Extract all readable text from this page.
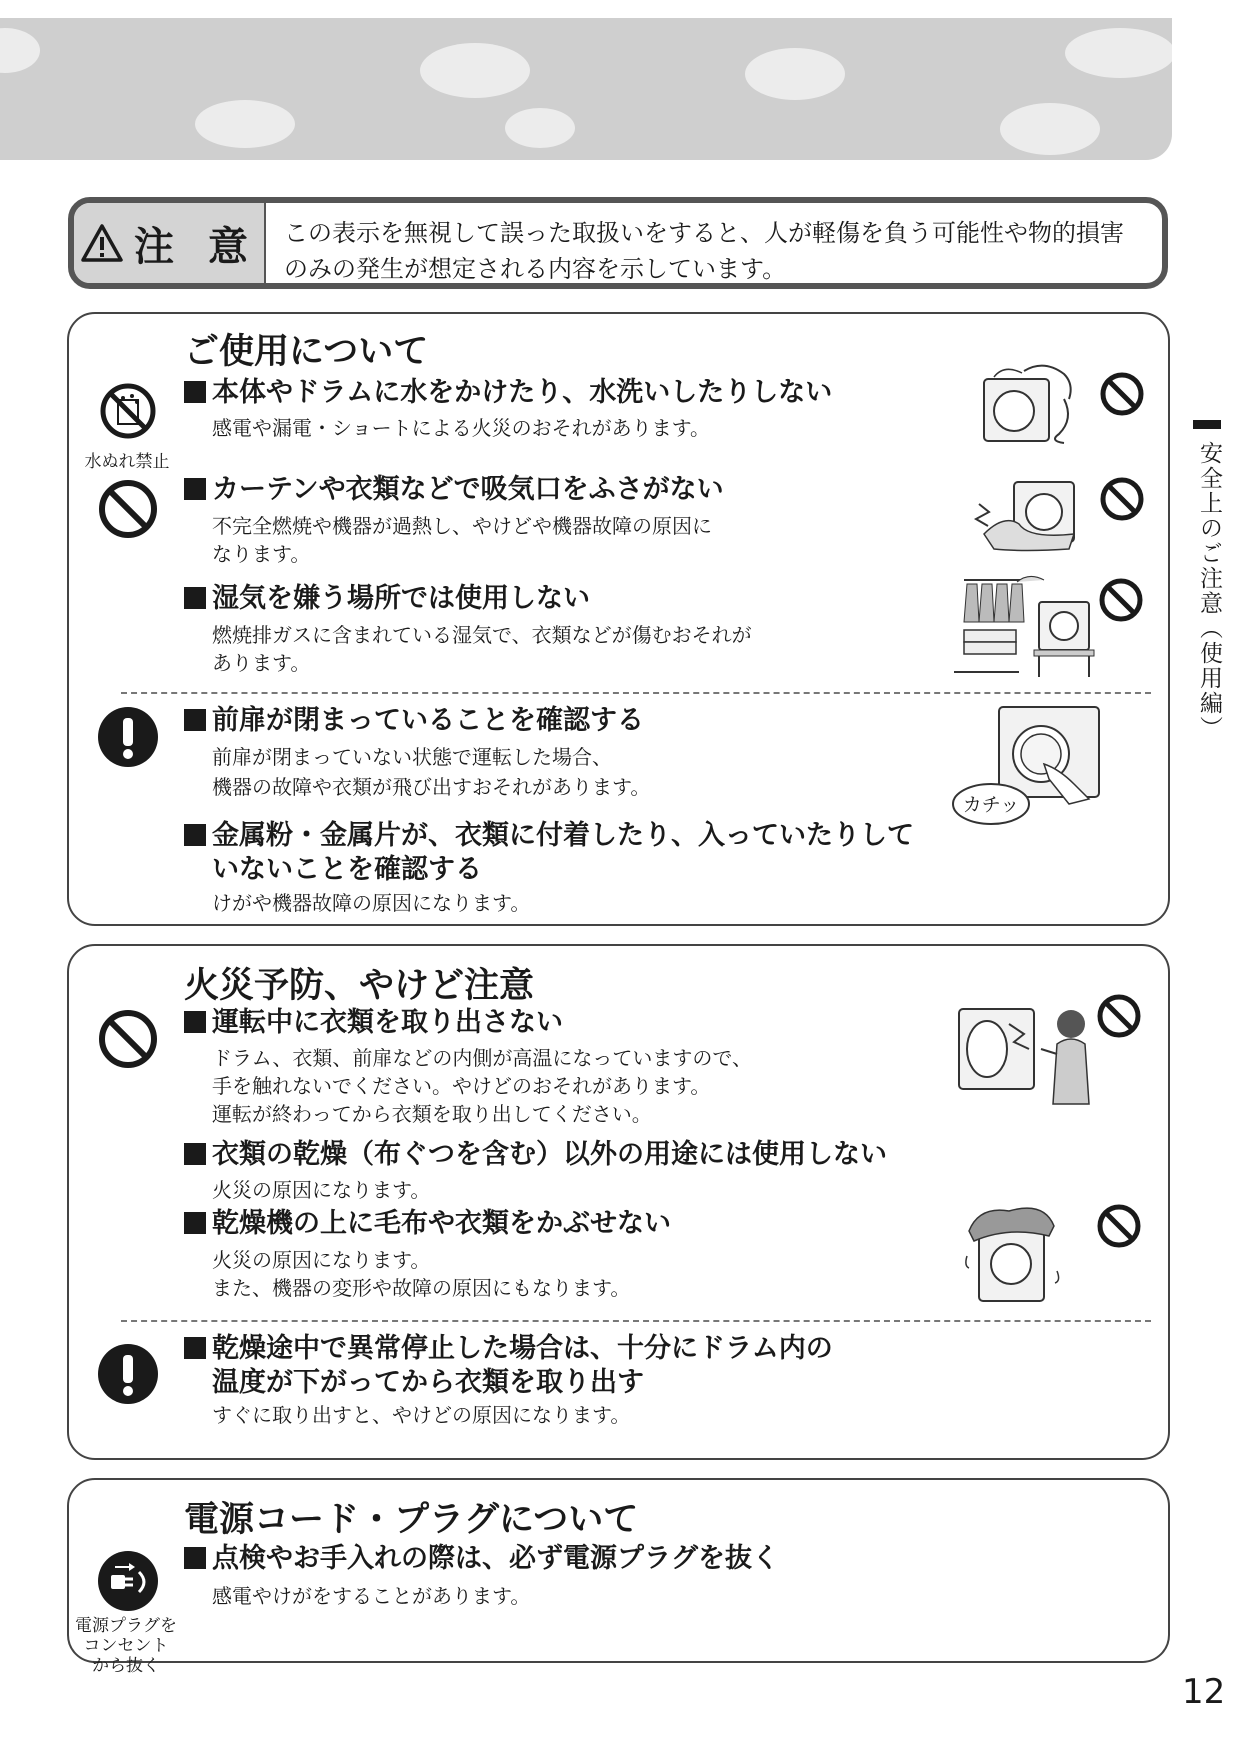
注 意 この表示を無視して誤った取扱いをすると、人が軽傷を負う可能性や物的損害
のみの発生が想定される内容を示しています。
ご使用について
水ぬれ禁止
本体やドラムに水をかけたり、水洗いしたりしない
感電や漏電・ショートによる火災のおそれがあります。
カーテンや衣類などで吸気口をふさがない
不完全燃焼や機器が過熱し、やけどや機器故障の原因に
なります。
湿気を嫌う場所では使用しない
燃焼排ガスに含まれている湿気で、衣類などが傷むおそれが
あります。
前扉が閉まっていることを確認する
前扉が閉まっていない状態で運転した場合、
機器の故障や衣類が飛び出すおそれがあります。
金属粉・金属片が、衣類に付着したり、入っていたりして
いないことを確認する
けがや機器故障の原因になります。
カチッ
火災予防、やけど注意
運転中に衣類を取り出さない
ドラム、衣類、前扉などの内側が高温になっていますので、
手を触れないでください。やけどのおそれがあります。
運転が終わってから衣類を取り出してください。
衣類の乾燥（布ぐつを含む）以外の用途には使用しない
火災の原因になります。
乾燥機の上に毛布や衣類をかぶせない
火災の原因になります。
また、機器の変形や故障の原因にもなります。
乾燥途中で異常停止した場合は、十分にドラム内の
温度が下がってから衣類を取り出す
すぐに取り出すと、やけどの原因になります。
電源コード・プラグについて
電源プラグを
コンセント
から抜く
点検やお手入れの際は、必ず電源プラグを抜く
感電やけがをすることがあります。
安全上のご注意（使用編）
12
